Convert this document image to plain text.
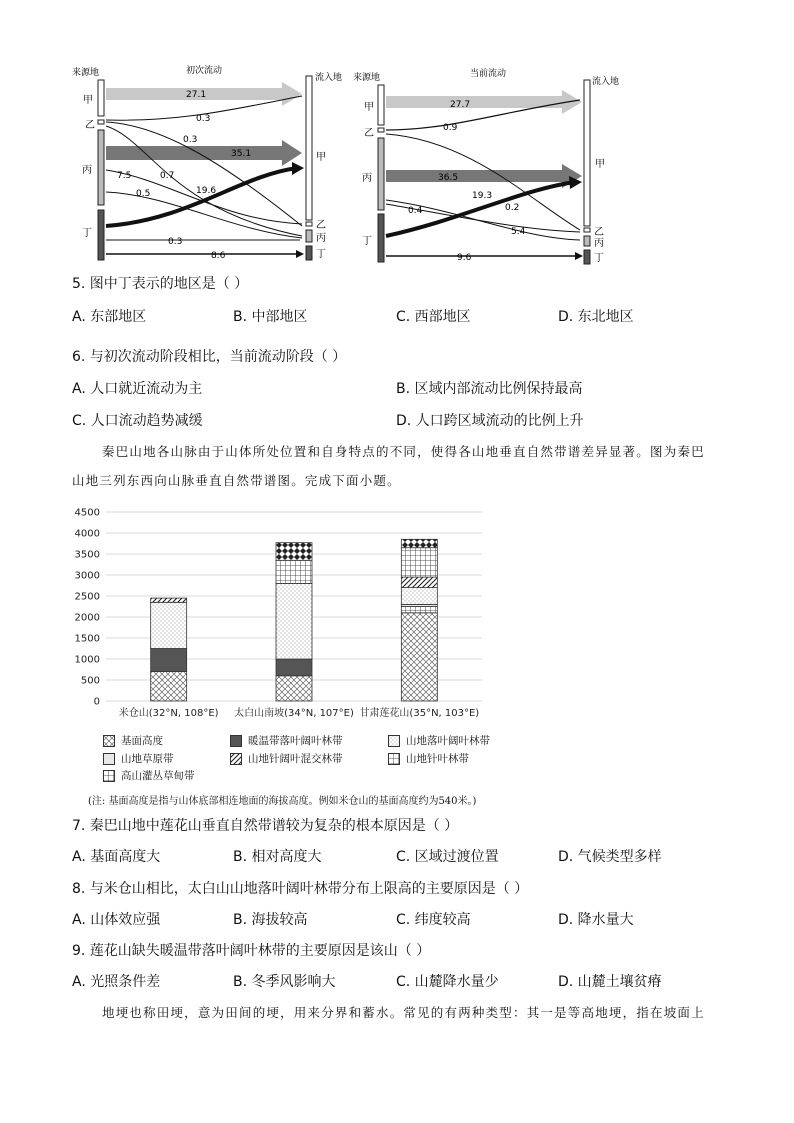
初次流动
来源地	流入地
甲
乙
丙
丁
甲
乙
丙
丁
27.1
0.3
0.3
35.1
7.5
0.5
0.7
19.6
0.3
8.6
当前流动
来源地	流入地
甲
乙
丙
丁
甲
乙
丙
丁
27.7
0.9
36.5
19.3
0.2
0.4
5.4
9.6
5. 图中丁表示的地区是（ ）
A. 东部地区	B. 中部地区	C. 西部地区	D. 东北地区
6. 与初次流动阶段相比，当前流动阶段（ ）
A. 人口就近流动为主	B. 区域内部流动比例保持最高
C. 人口流动趋势减缓	D. 人口跨区域流动的比例上升
秦巴山地各山脉由于山体所处位置和自身特点的不同，使得各山地垂直自然带谱差异显著。图为秦巴
山地三列东西向山脉垂直自然带谱图。完成下面小题。
0
500
1000
1500
2000
2500
3000
3500
4000
4500
米仓山(32°N, 108°E) 太白山南坡(34°N, 107°E) 甘肃莲花山(35°N, 103°E)
基面高度	暖温带落叶阔叶林带	山地落叶阔叶林带
山地草原带	山地针阔叶混交林带	山地针叶林带
高山灌丛草甸带
(注: 基面高度是指与山体底部相连地面的海拔高度。例如米仓山的基面高度约为540米。)
7. 秦巴山地中莲花山垂直自然带谱较为复杂的根本原因是（ ）
A. 基面高度大	B. 相对高度大	C. 区域过渡位置	D. 气候类型多样
8. 与米仓山相比，太白山山地落叶阔叶林带分布上限高的主要原因是（ ）
A. 山体效应强	B. 海拔较高	C. 纬度较高	D. 降水量大
9. 莲花山缺失暖温带落叶阔叶林带的主要原因是该山（ ）
A. 光照条件差	B. 冬季风影响大	C. 山麓降水量少	D. 山麓土壤贫瘠
地埂也称田埂，意为田间的埂，用来分界和蓄水。常见的有两种类型：其一是等高地埂，指在坡面上
